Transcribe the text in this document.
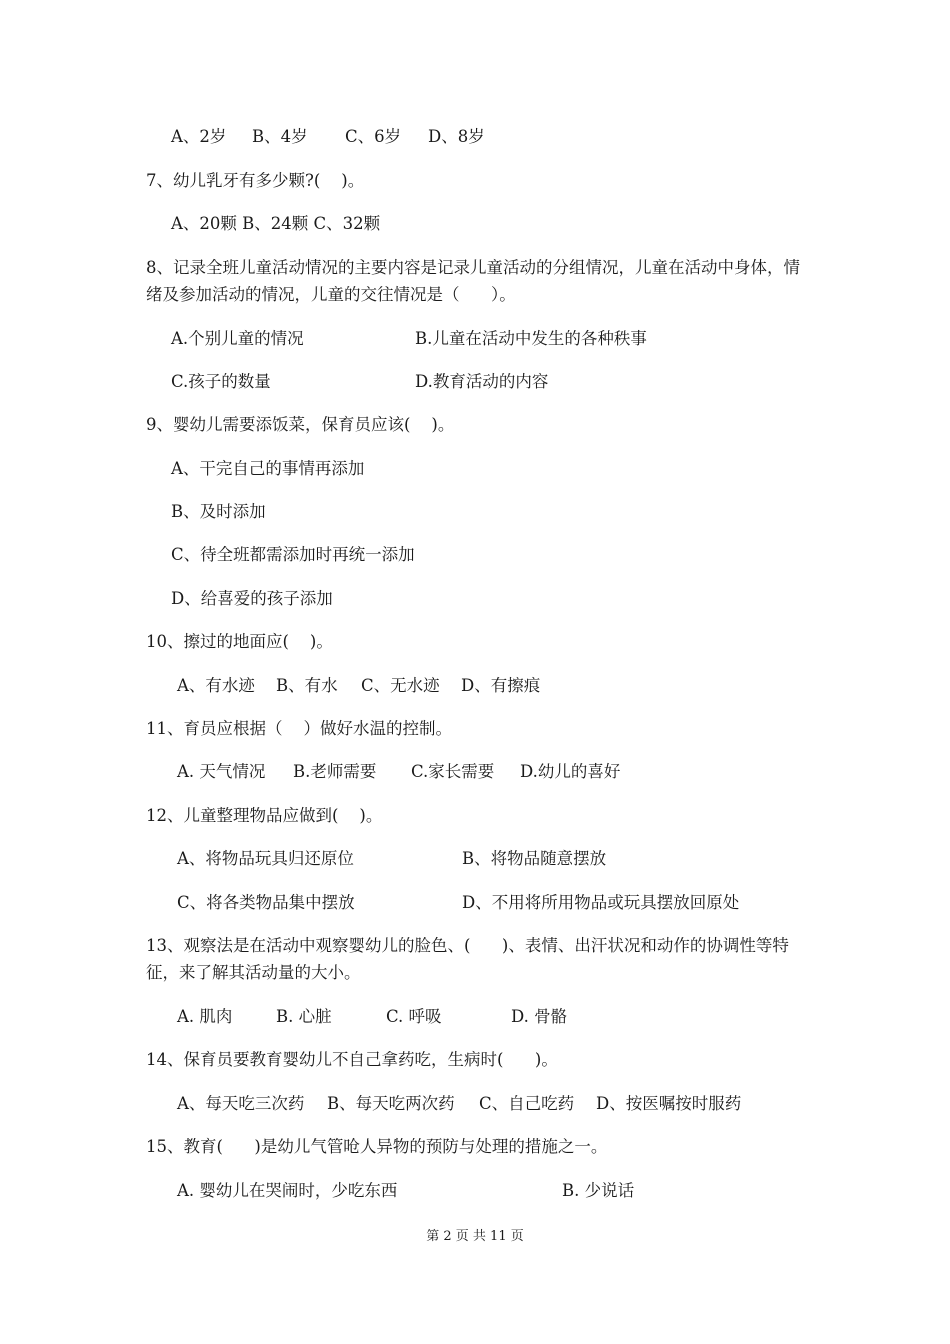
A、2岁 B、4岁 C、6岁 D、8岁
7、幼儿乳牙有多少颗?(    )。
A、20颗 B、24颗 C、32颗
8、记录全班儿童活动情况的主要内容是记录儿童活动的分组情况，儿童在活动中身体，情
绪及参加活动的情况，儿童的交往情况是（      ）。
A.个别儿童的情况	B.儿童在活动中发生的各种秩事
C.孩子的数量	D.教育活动的内容
9、婴幼儿需要添饭菜，保育员应该(    )。
A、干完自己的事情再添加
B、及时添加
C、待全班都需添加时再统一添加
D、给喜爱的孩子添加
10、擦过的地面应(    )。
A、有水迹 B、有水 C、无水迹 D、有擦痕
11、育员应根据（    ）做好水温的控制。
A. 天气情况 B.老师需要 C.家长需要 D.幼儿的喜好
12、儿童整理物品应做到(    )。
A、将物品玩具归还原位	B、将物品随意摆放
C、将各类物品集中摆放	D、不用将所用物品或玩具摆放回原处
13、观察法是在活动中观察婴幼儿的脸色、(      )、表情、出汗状况和动作的协调性等特
征，来了解其活动量的大小。
A. 肌肉	B. 心脏	C. 呼吸	D. 骨骼
14、保育员要教育婴幼儿不自己拿药吃，生病时(      )。
A、每天吃三次药 B、每天吃两次药 C、自己吃药 D、按医嘱按时服药
15、教育(      )是幼儿气管呛人异物的预防与处理的措施之一。
A. 婴幼儿在哭闹时，少吃东西	B. 少说话
第 2 页 共 11 页
